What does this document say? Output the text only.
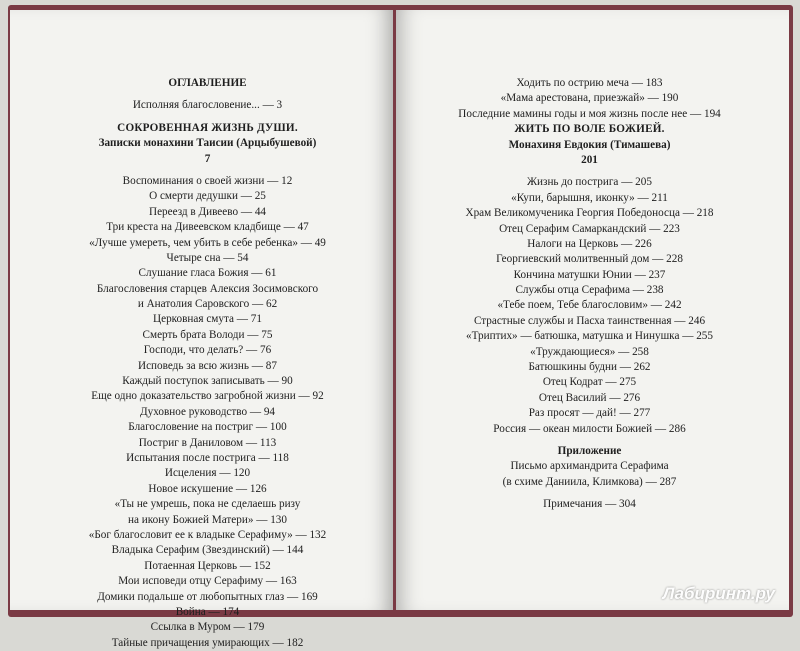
ОГЛАВЛЕНИЕ
Исполняя благословение... — 3
СОКРОВЕННАЯ ЖИЗНЬ ДУШИ.
Записки монахини Таисии (Арцыбушевой)
7
Воспоминания о своей жизни — 12
О смерти дедушки — 25
Переезд в Дивеево — 44
Три креста на Дивеевском кладбище — 47
«Лучше умереть, чем убить в себе ребенка» — 49
Четыре сна — 54
Слушание гласа Божия — 61
Благословения старцев Алексия Зосимовского
и Анатолия Саровского — 62
Церковная смута — 71
Смерть брата Володи — 75
Господи, что делать? — 76
Исповедь за всю жизнь — 87
Каждый поступок записывать — 90
Еще одно доказательство загробной жизни — 92
Духовное руководство — 94
Благословение на постриг — 100
Постриг в Даниловом — 113
Испытания после пострига — 118
Исцеления — 120
Новое искушение — 126
«Ты не умрешь, пока не сделаешь ризу
на икону Божией Матери» — 130
«Бог благословит ее к владыке Серафиму» — 132
Владыка Серафим (Звездинский) — 144
Потаенная Церковь — 152
Мои исповеди отцу Серафиму — 163
Домики подальше от любопытных глаз — 169
Война — 174
Ссылка в Муром — 179
Тайные причащения умирающих — 182
Ходить по острию меча — 183
«Мама арестована, приезжай» — 190
Последние мамины годы и моя жизнь после нее — 194
ЖИТЬ ПО ВОЛЕ БОЖИЕЙ.
Монахиня Евдокия (Тимашева)
201
Жизнь до пострига — 205
«Купи, барышня, иконку» — 211
Храм Великомученика Георгия Победоносца — 218
Отец Серафим Самаркандский — 223
Налоги на Церковь — 226
Георгиевский молитвенный дом — 228
Кончина матушки Юнии — 237
Службы отца Серафима — 238
«Тебе поем, Тебе благословим» — 242
Страстные службы и Пасха таинственная — 246
«Триптих» — батюшка, матушка и Нинушка — 255
«Труждающиеся» — 258
Батюшкины будни — 262
Отец Кодрат — 275
Отец Василий — 276
Раз просят — дай! — 277
Россия — океан милости Божией — 286
Приложение
Письмо архимандрита Серафима
(в схиме Даниила, Климкова) — 287
Примечания — 304
Лабиринт.ру
